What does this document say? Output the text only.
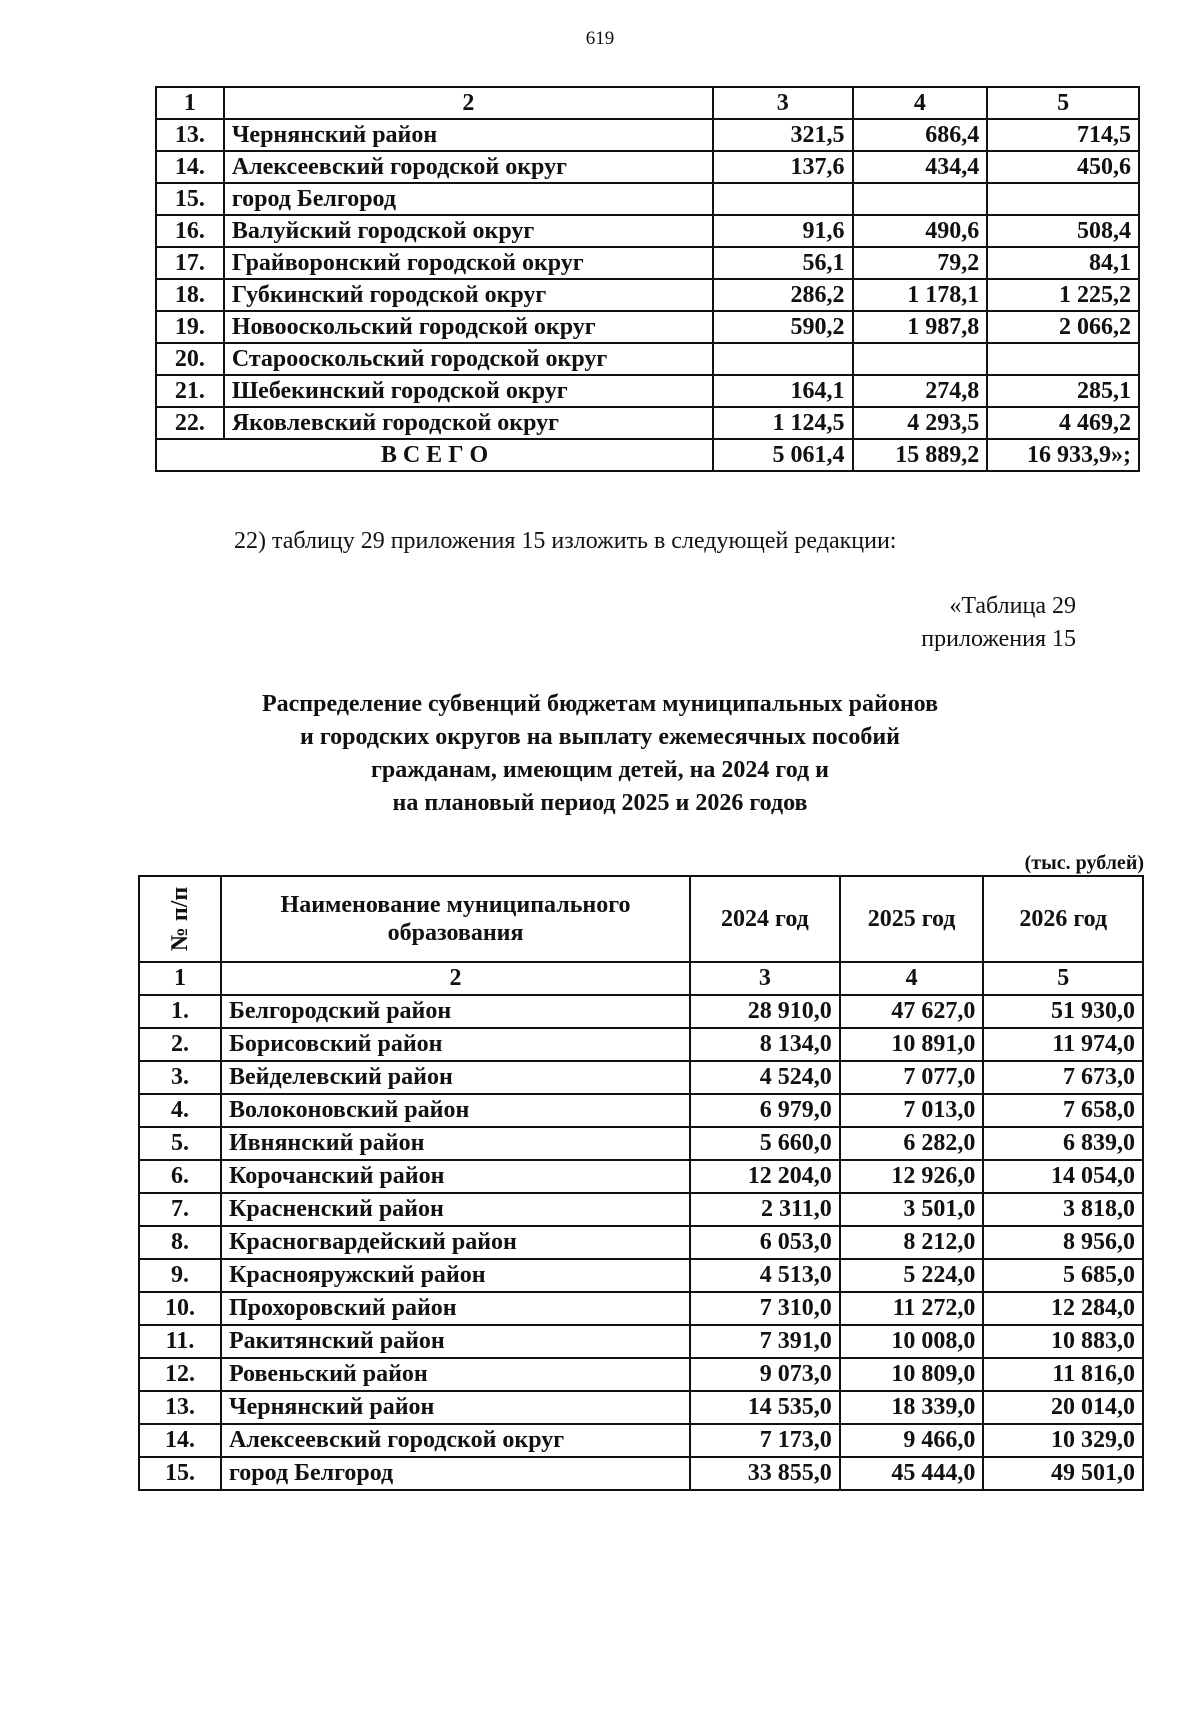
619
1	2	3	4	5
13.	Чернянский район	321,5	686,4	714,5
14.	Алексеевский городской округ	137,6	434,4	450,6
15.	город Белгород			
16.	Валуйский городской округ	91,6	490,6	508,4
17.	Грайворонский городской округ	56,1	79,2	84,1
18.	Губкинский городской округ	286,2	1 178,1	1 225,2
19.	Новооскольский городской округ	590,2	1 987,8	2 066,2
20.	Старооскольский городской округ			
21.	Шебекинский городской округ	164,1	274,8	285,1
22.	Яковлевский городской округ	1 124,5	4 293,5	4 469,2
В С Е Г О		5 061,4	15 889,2	16 933,9»;
22) таблицу 29 приложения 15 изложить в следующей редакции:
«Таблица 29
приложения 15
Распределение субвенций бюджетам муниципальных районов
и городских округов на выплату ежемесячных пособий
гражданам, имеющим детей, на 2024 год и
на плановый период 2025 и 2026 годов
(тыс. рублей)
№ п/п	Наименование муниципального образования	2024 год	2025 год	2026 год
1	2	3	4	5
1.	Белгородский район	28 910,0	47 627,0	51 930,0
2.	Борисовский район	8 134,0	10 891,0	11 974,0
3.	Вейделевский район	4 524,0	7 077,0	7 673,0
4.	Волоконовский район	6 979,0	7 013,0	7 658,0
5.	Ивнянский район	5 660,0	6 282,0	6 839,0
6.	Корочанский район	12 204,0	12 926,0	14 054,0
7.	Красненский район	2 311,0	3 501,0	3 818,0
8.	Красногвардейский район	6 053,0	8 212,0	8 956,0
9.	Краснояружский район	4 513,0	5 224,0	5 685,0
10.	Прохоровский район	7 310,0	11 272,0	12 284,0
11.	Ракитянский район	7 391,0	10 008,0	10 883,0
12.	Ровеньский район	9 073,0	10 809,0	11 816,0
13.	Чернянский район	14 535,0	18 339,0	20 014,0
14.	Алексеевский городской округ	7 173,0	9 466,0	10 329,0
15.	город Белгород	33 855,0	45 444,0	49 501,0
